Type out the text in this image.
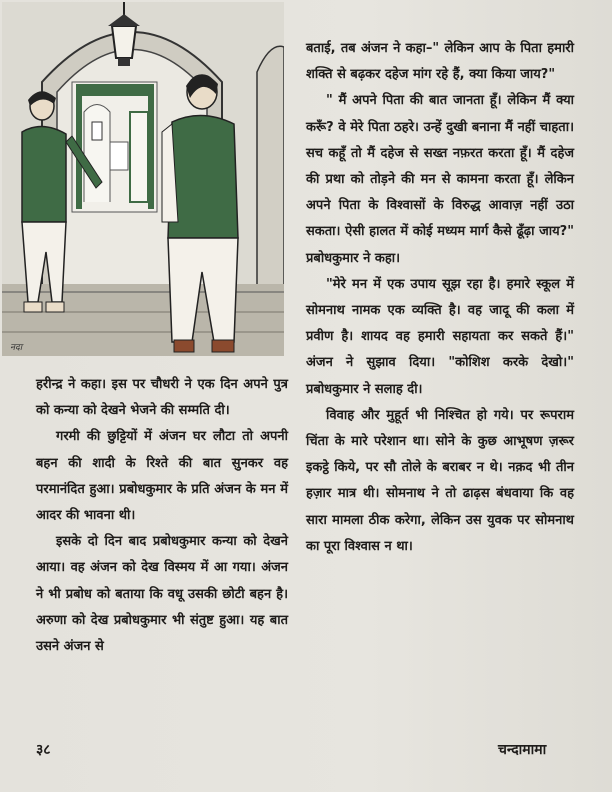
नदा

बताई, तब अंजन ने कहा–" लेकिन आप के पिता हमारी शक्ति से बढ़कर दहेज मांग रहे हैं, क्या किया जाय?"

" मैं अपने पिता की बात जानता हूँ। लेकिन मैं क्या करूँ? वे मेरे पिता ठहरे। उन्हें दुखी बनाना मैं नहीं चाहता। सच कहूँ तो मैं दहेज से सख्त नफ़रत करता हूँ। मैं दहेज की प्रथा को तोड़ने की मन से कामना करता हूँ। लेकिन अपने पिता के विश्वासों के विरुद्ध आवाज़ नहीं उठा सकता। ऐसी हालत में कोई मध्यम मार्ग कैसे ढूँढ़ा जाय?" प्रबोधकुमार ने कहा।

"मेरे मन में एक उपाय सूझ रहा है। हमारे स्कूल में सोमनाथ नामक एक व्यक्ति है। वह जादू की कला में प्रवीण है। शायद वह हमारी सहायता कर सकते हैं।" अंजन ने सुझाव दिया। "कोशिश करके देखो।" प्रबोधकुमार ने सलाह दी।

विवाह और मुहूर्त भी निश्चित हो गये। पर रूपराम चिंता के मारे परेशान था। सोने के कुछ आभूषण ज़रूर इकट्ठे किये, पर सौ तोले के बराबर न थे। नक़द भी तीन हज़ार मात्र थी। सोमनाथ ने तो ढाढ़स बंधवाया कि वह सारा मामला ठीक करेगा, लेकिन उस युवक पर सोमनाथ का पूरा विश्वास न था।

हरीन्द्र ने कहा। इस पर चौधरी ने एक दिन अपने पुत्र को कन्या को देखने भेजने की सम्मति दी।

गरमी की छुट्टियों में अंजन घर लौटा तो अपनी बहन की शादी के रिश्ते की बात सुनकर वह परमानंदित हुआ। प्रबोधकुमार के प्रति अंजन के मन में आदर की भावना थी।

इसके दो दिन बाद प्रबोधकुमार कन्या को देखने आया। वह अंजन को देख विस्मय में आ गया। अंजन ने भी प्रबोध को बताया कि वधू उसकी छोटी बहन है। अरुणा को देख प्रबोधकुमार भी संतुष्ट हुआ। यह बात उसने अंजन से

३८	चन्दामामा
